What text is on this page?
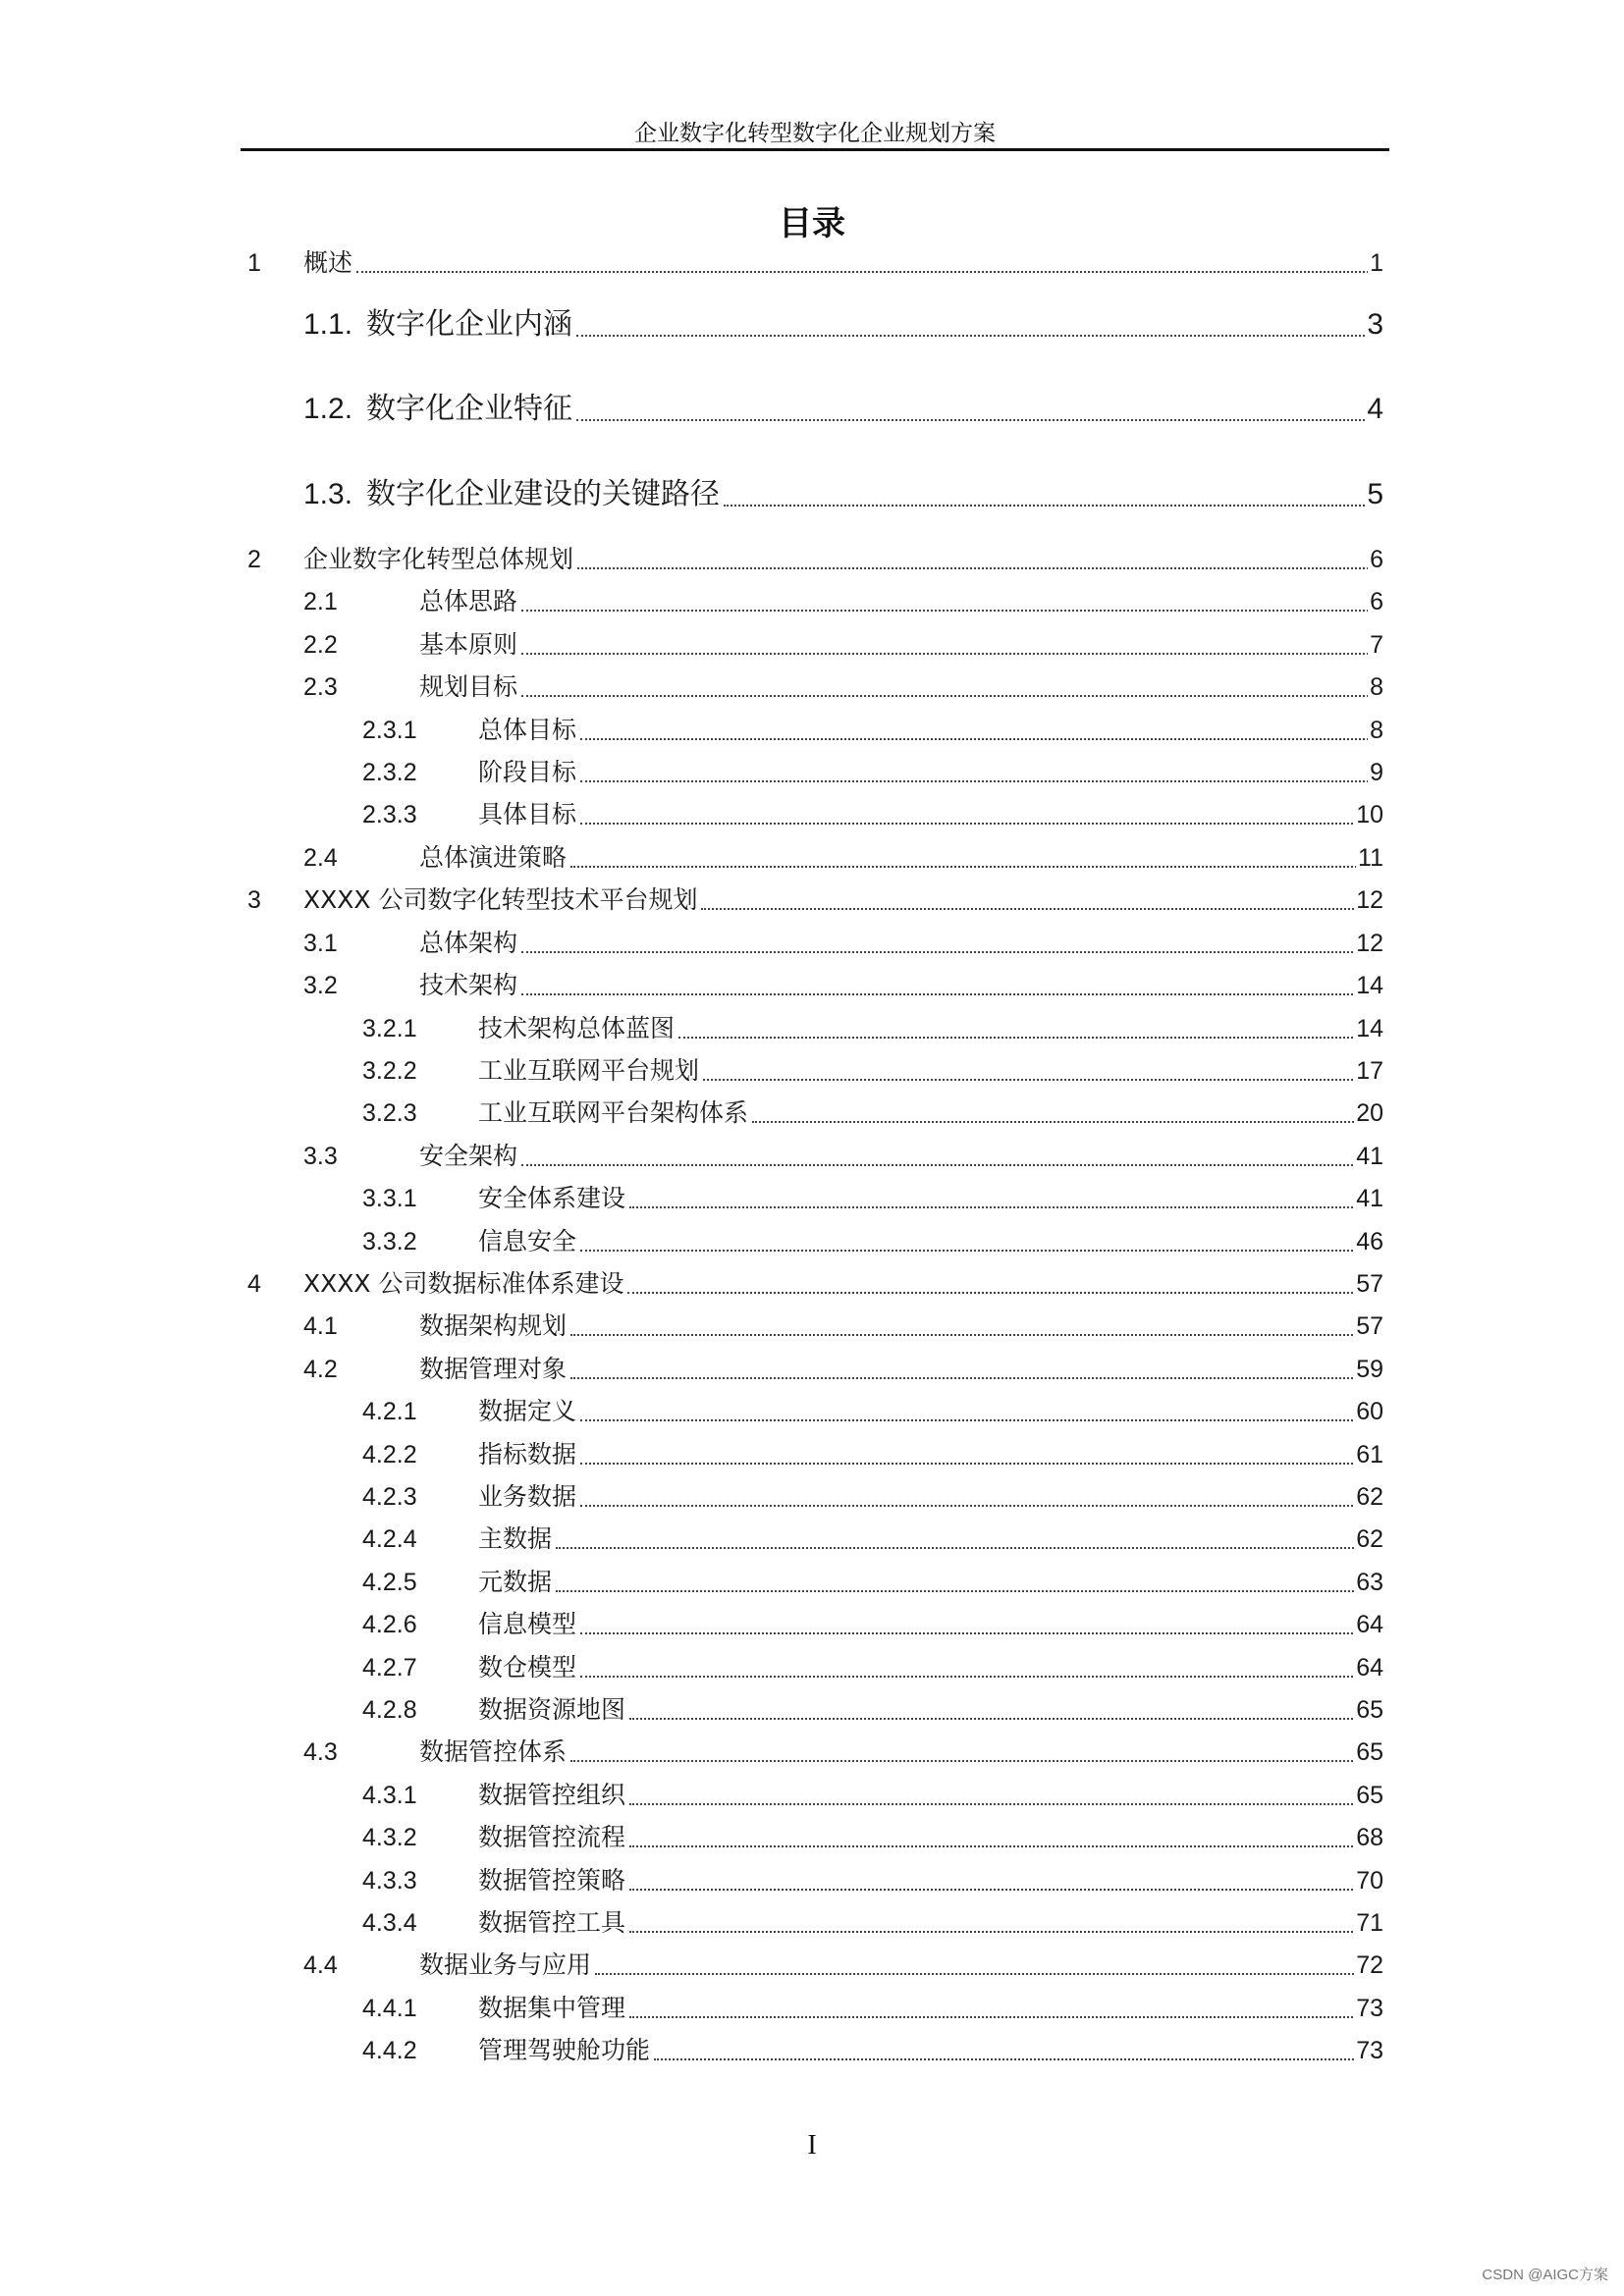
企业数字化转型数字化企业规划方案
目录
1 概述	1
1.1. 数字化企业内涵	3
1.2. 数字化企业特征	4
1.3. 数字化企业建设的关键路径	5
2 企业数字化转型总体规划	6
2.1	总体思路	6
2.2	基本原则	7
2.3	规划目标	8
2.3.1 总体目标	8
2.3.2 阶段目标	9
2.3.3 具体目标	10
2.4	总体演进策略	11
3 XXXX 公司数字化转型技术平台规划	12
3.1	总体架构	12
3.2	技术架构	14
3.2.1 技术架构总体蓝图	14
3.2.2 工业互联网平台规划	17
3.2.3 工业互联网平台架构体系	20
3.3	安全架构	41
3.3.1 安全体系建设	41
3.3.2 信息安全	46
4 XXXX 公司数据标准体系建设	57
4.1	数据架构规划	57
4.2	数据管理对象	59
4.2.1 数据定义	60
4.2.2 指标数据	61
4.2.3 业务数据	62
4.2.4 主数据	62
4.2.5 元数据	63
4.2.6 信息模型	64
4.2.7 数仓模型	64
4.2.8 数据资源地图	65
4.3	数据管控体系	65
4.3.1 数据管控组织	65
4.3.2 数据管控流程	68
4.3.3 数据管控策略	70
4.3.4 数据管控工具	71
4.4	数据业务与应用	72
4.4.1 数据集中管理	73
4.4.2 管理驾驶舱功能	73
I
CSDN @AIGC方案
